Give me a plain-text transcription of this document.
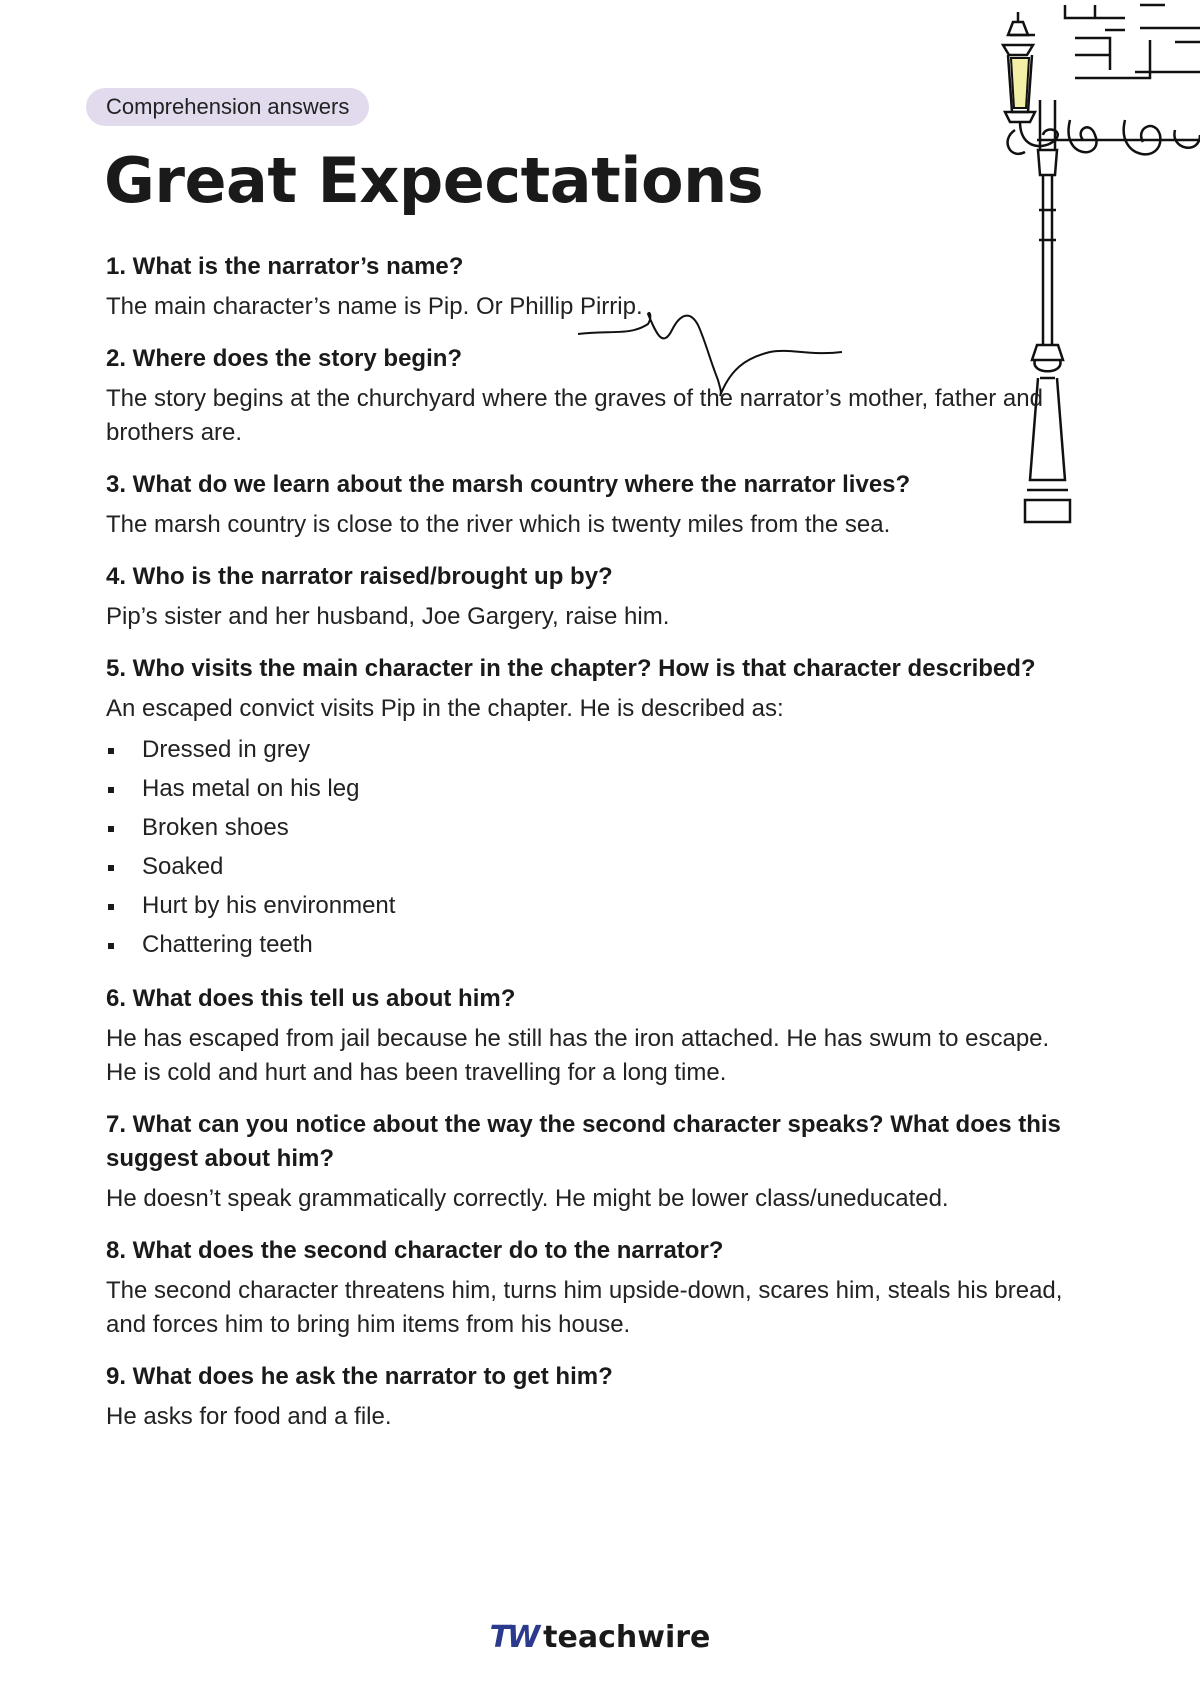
Comprehension answers
Great Expectations

1. What is the narrator’s name?

The main character’s name is Pip. Or Phillip Pirrip.

2. Where does the story begin?

The story begins at the churchyard where the graves of the narrator’s mother, father and brothers are.

3. What do we learn about the marsh country where the narrator lives?

The marsh country is close to the river which is twenty miles from the sea.

4. Who is the narrator raised/brought up by?

Pip’s sister and her husband, Joe Gargery, raise him.

5. Who visits the main character in the chapter? How is that character described?

An escaped convict visits Pip in the chapter. He is described as:

Dressed in grey
Has metal on his leg
Broken shoes
Soaked
Hurt by his environment
Chattering teeth

6. What does this tell us about him?

He has escaped from jail because he still has the iron attached. He has swum to escape. He is cold and hurt and has been travelling for a long time.

7. What can you notice about the way the second character speaks? What does this suggest about him?

He doesn’t speak grammatically correctly. He might be lower class/uneducated.

8. What does the second character do to the narrator?

The second character threatens him, turns him upside-down, scares him, steals his bread, and forces him to bring him items from his house.

9. What does he ask the narrator to get him?

He asks for food and a file.

TW teachwire
